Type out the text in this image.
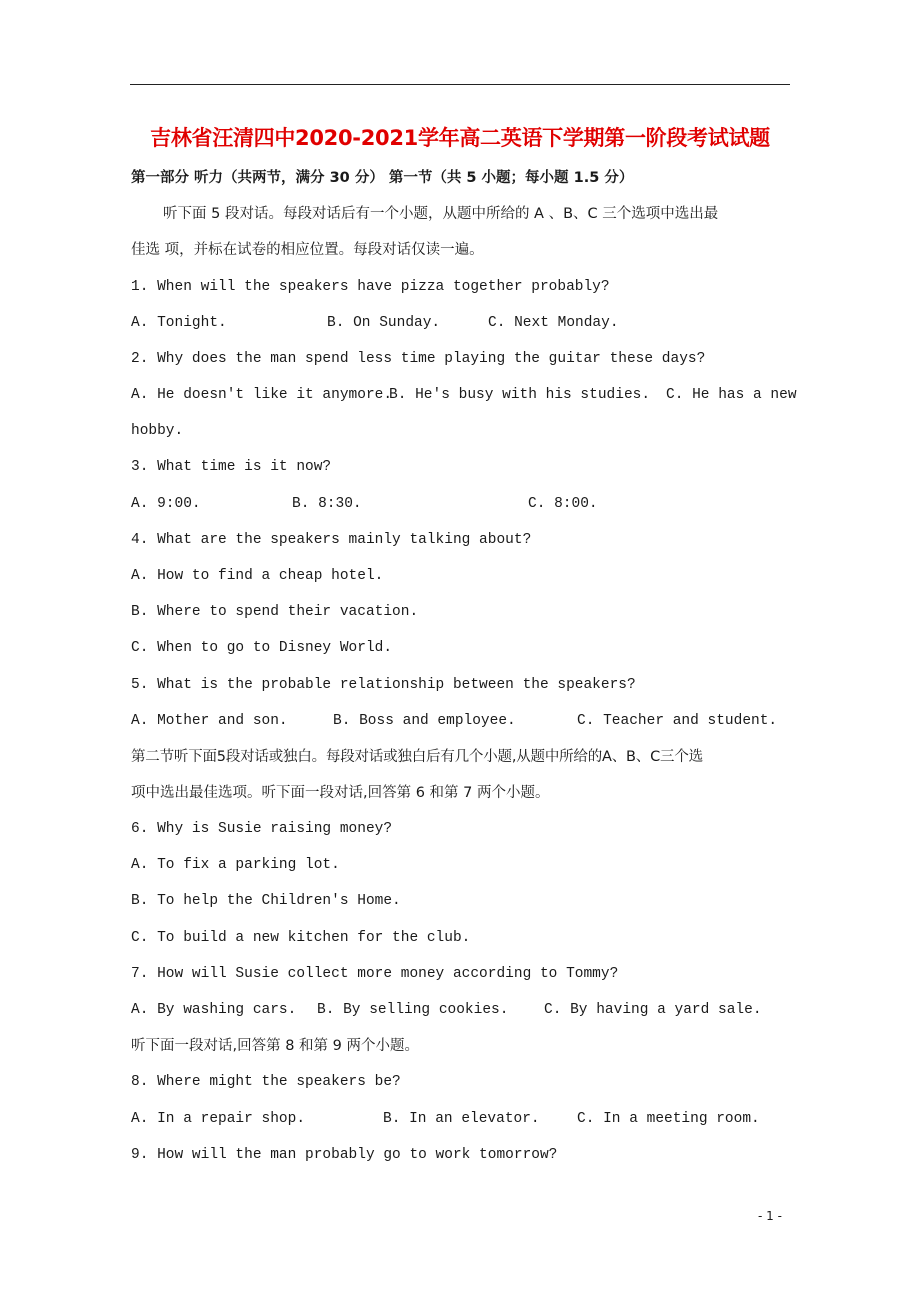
吉林省汪清四中2020-2021学年高二英语下学期第一阶段考试试题
第一部分 听力（共两节，满分 30 分） 第一节（共 5 小题；每小题 1.5 分）
听下面 5 段对话。每段对话后有一个小题，从题中所给的 A 、B、C 三个选项中选出最
佳选 项，并标在试卷的相应位置。每段对话仅读一遍。
1. When will the speakers have pizza together probably?
A. Tonight.	B. On Sunday.	C. Next Monday.
2. Why does the man spend less time playing the guitar these days?
A. He doesn't like it anymore.
B. He's busy with his studies. C. He has a new
hobby.
3. What time is it now?
A. 9:00.	B. 8:30.	C. 8:00.
4. What are the speakers mainly talking about?
A. How to find a cheap hotel.
B. Where to spend their vacation.
C. When to go to Disney World.
5. What is the probable relationship between the speakers?
A. Mother and son.	B. Boss and employee.	C. Teacher and student.
第二节听下面5段对话或独白。每段对话或独白后有几个小题,从题中所给的A、B、C三个选
项中选出最佳选项。听下面一段对话,回答第 6 和第 7 两个小题。
6. Why is Susie raising money?
A. To fix a parking lot.
B. To help the Children's Home.
C. To build a new kitchen for the club.
7. How will Susie collect more money according to Tommy?
A. By washing cars. B. By selling cookies. C. By having a yard sale.
听下面一段对话,回答第 8 和第 9 两个小题。
8. Where might the speakers be?
A. In a repair shop.	B. In an elevator.	C. In a meeting room.
9. How will the man probably go to work tomorrow?
- 1 -
